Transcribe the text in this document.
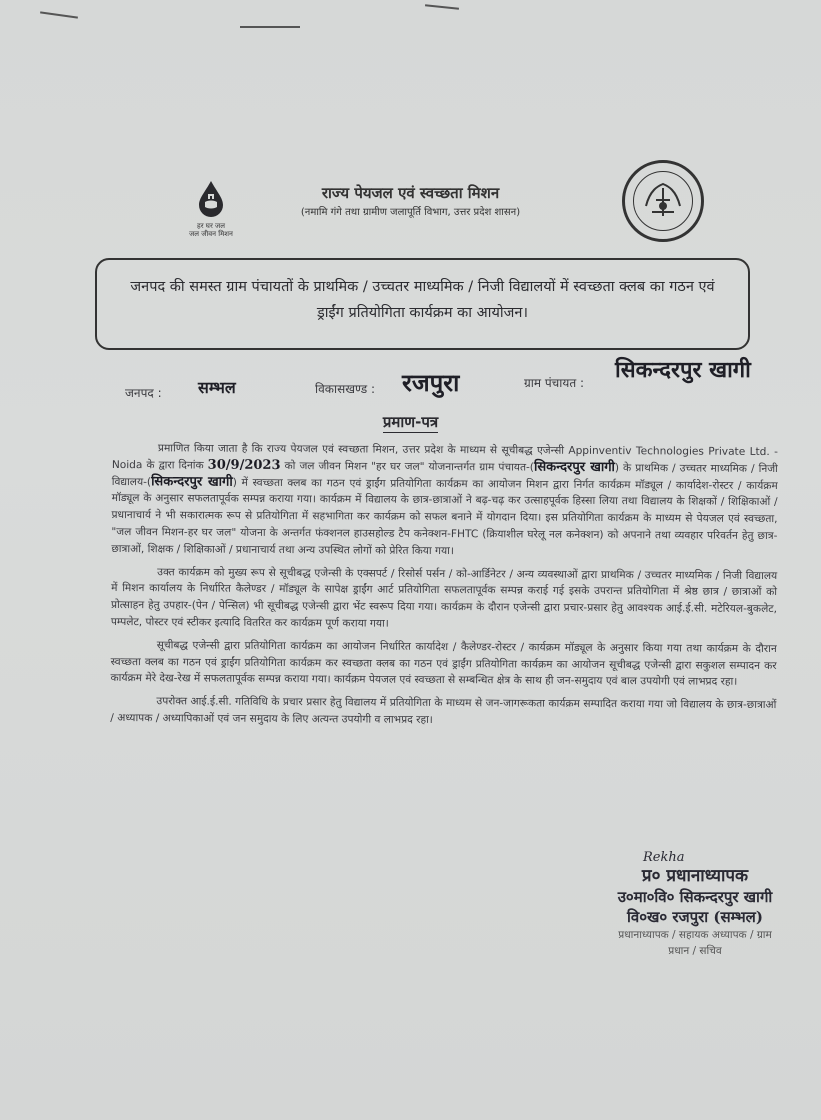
हर घर जल
जल जीवन मिशन
राज्य पेयजल एवं स्वच्छता मिशन
(नमामि गंगे तथा ग्रामीण जलापूर्ति विभाग, उत्तर प्रदेश शासन)
जनपद की समस्त ग्राम पंचायतों के प्राथमिक / उच्चतर माध्यमिक / निजी विद्यालयों में स्वच्छता क्लब का गठन एवं ड्राईंग प्रतियोगिता कार्यक्रम का आयोजन।
जनपद : सम्भल	विकासखण्ड : रजपुरा	ग्राम पंचायत : सिकन्दरपुर खागी
प्रमाण-पत्र

प्रमाणित किया जाता है कि राज्य पेयजल एवं स्वच्छता मिशन, उत्तर प्रदेश के माध्यम से सूचीबद्ध एजेन्सी Appinventiv Technologies Private Ltd. - Noida के द्वारा दिनांक 30/9/2023 को जल जीवन मिशन "हर घर जल" योजनान्तर्गत ग्राम पंचायत-(सिकन्दरपुर खागी) के प्राथमिक / उच्चतर माध्यमिक / निजी विद्यालय-(सिकन्दरपुर खागी) में स्वच्छता क्लब का गठन एवं ड्राईंग प्रतियोगिता कार्यक्रम का आयोजन मिशन द्वारा निर्गत कार्यक्रम मॉड्यूल / कार्यादेश-रोस्टर / कार्यक्रम मॉड्यूल के अनुसार सफलतापूर्वक सम्पन्न कराया गया। कार्यक्रम में विद्यालय के छात्र-छात्राओं ने बढ़-चढ़ कर उत्साहपूर्वक हिस्सा लिया तथा विद्यालय के शिक्षकों / शिक्षिकाओं / प्रधानाचार्य ने भी सकारात्मक रूप से प्रतियोगिता में सहभागिता कर कार्यक्रम को सफल बनाने में योगदान दिया। इस प्रतियोगिता कार्यक्रम के माध्यम से पेयजल एवं स्वच्छता, "जल जीवन मिशन-हर घर जल" योजना के अन्तर्गत फंक्शनल हाउसहोल्ड टैप कनेक्शन-FHTC (क्रियाशील घरेलू नल कनेक्शन) को अपनाने तथा व्यवहार परिवर्तन हेतु छात्र-छात्राओं, शिक्षक / शिक्षिकाओं / प्रधानाचार्य तथा अन्य उपस्थित लोगों को प्रेरित किया गया।

उक्त कार्यक्रम को मुख्य रूप से सूचीबद्ध एजेन्सी के एक्सपर्ट / रिसोर्स पर्सन / को-आर्डिनेटर / अन्य व्यवस्थाओं द्वारा प्राथमिक / उच्चतर माध्यमिक / निजी विद्यालय में मिशन कार्यालय के निर्धारित कैलेण्डर / मॉड्यूल के सापेक्ष ड्राईंग आर्ट प्रतियोगिता सफलतापूर्वक सम्पन्न कराई गई इसके उपरान्त प्रतियोगिता में श्रेष्ठ छात्र / छात्राओं को प्रोत्साहन हेतु उपहार-(पेन / पेन्सिल) भी सूचीबद्ध एजेन्सी द्वारा भेंट स्वरूप दिया गया। कार्यक्रम के दौरान एजेन्सी द्वारा प्रचार-प्रसार हेतु आवश्यक आई.ई.सी. मटेरियल-बुकलेट, पम्पलेट, पोस्टर एवं स्टीकर इत्यादि वितरित कर कार्यक्रम पूर्ण कराया गया।

सूचीबद्ध एजेन्सी द्वारा प्रतियोगिता कार्यक्रम का आयोजन निर्धारित कार्यादेश / कैलेण्डर-रोस्टर / कार्यक्रम मॉड्यूल के अनुसार किया गया तथा कार्यक्रम के दौरान स्वच्छता क्लब का गठन एवं ड्राईंग प्रतियोगिता कार्यक्रम कर स्वच्छता क्लब का गठन एवं ड्राईंग प्रतियोगिता कार्यक्रम का आयोजन सूचीबद्ध एजेन्सी द्वारा सकुशल सम्पादन कर कार्यक्रम मेरे देख-रेख में सफलतापूर्वक सम्पन्न कराया गया। कार्यक्रम पेयजल एवं स्वच्छता से सम्बन्धित क्षेत्र के साथ ही जन-समुदाय एवं बाल उपयोगी एवं लाभप्रद रहा।

उपरोक्त आई.ई.सी. गतिविधि के प्रचार प्रसार हेतु विद्यालय में प्रतियोगिता के माध्यम से जन-जागरूकता कार्यक्रम सम्पादित कराया गया जो विद्यालय के छात्र-छात्राओं / अध्यापक / अध्यापिकाओं एवं जन समुदाय के लिए अत्यन्त उपयोगी व लाभप्रद रहा।

Rekha
प्र० प्रधानाध्यापक
उ०मा०वि० सिकन्दरपुर खागी
वि०ख० रजपुरा (सम्भल)
प्रधानाध्यापक / सहायक अध्यापक / ग्राम
प्रधान / सचिव
